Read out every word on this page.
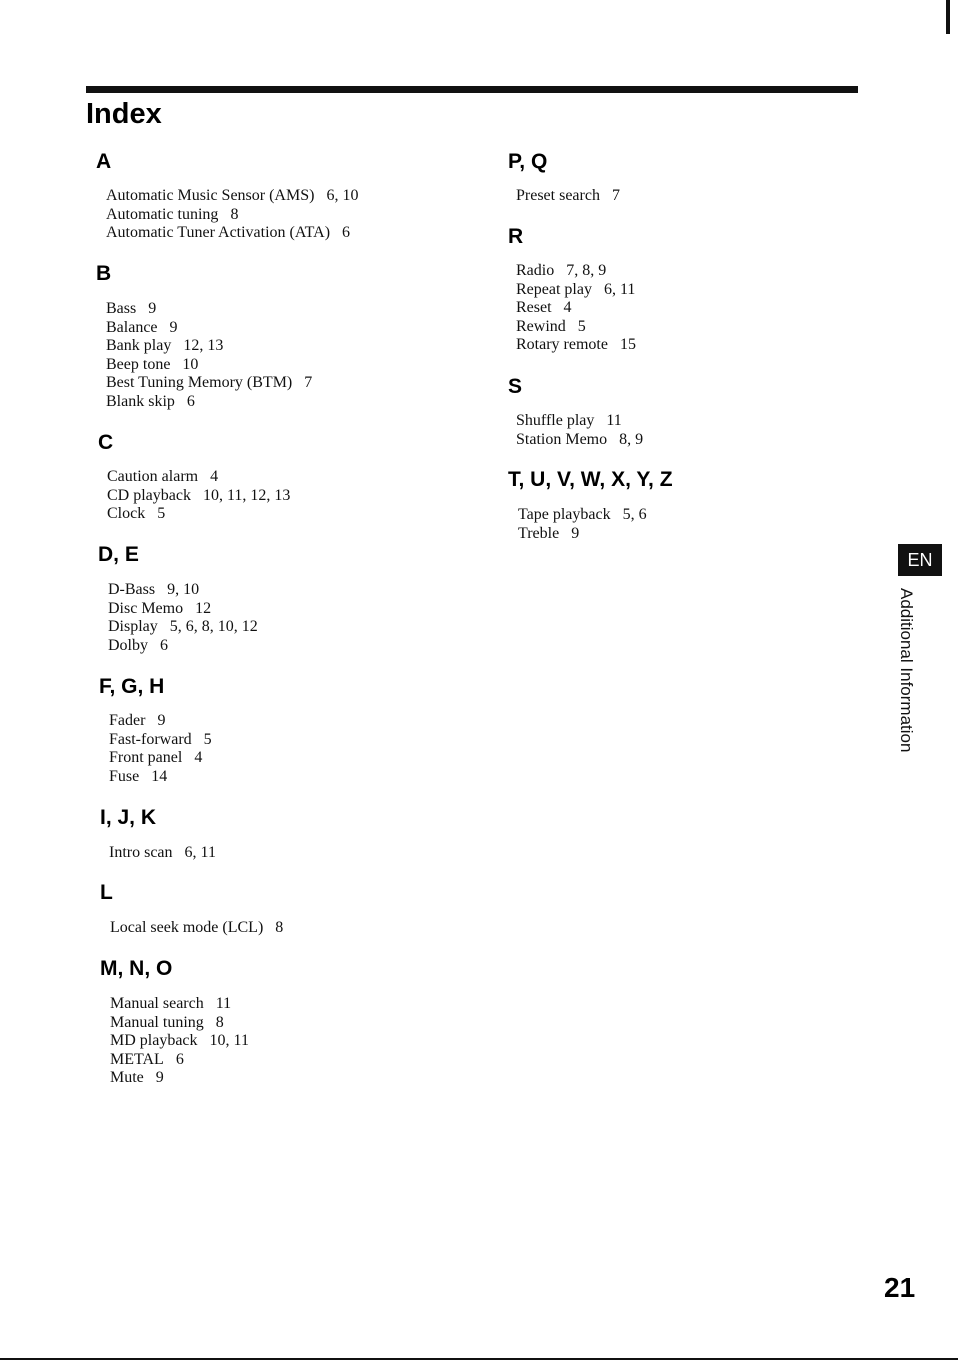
Index
A
Automatic Music Sensor (AMS) 6, 10
Automatic tuning 8
Automatic Tuner Activation (ATA) 6
B
Bass 9
Balance 9
Bank play 12, 13
Beep tone 10
Best Tuning Memory (BTM) 7
Blank skip 6
C
Caution alarm 4
CD playback 10, 11, 12, 13
Clock 5
D, E
D-Bass 9, 10
Disc Memo 12
Display 5, 6, 8, 10, 12
Dolby 6
F, G, H
Fader 9
Fast-forward 5
Front panel 4
Fuse 14
I, J, K
Intro scan 6, 11
L
Local seek mode (LCL) 8
M, N, O
Manual search 11
Manual tuning 8
MD playback 10, 11
METAL 6
Mute 9
P, Q
Preset search 7
R
Radio 7, 8, 9
Repeat play 6, 11
Reset 4
Rewind 5
Rotary remote 15
S
Shuffle play 11
Station Memo 8, 9
T, U, V, W, X, Y, Z
Tape playback 5, 6
Treble 9
EN
Additional Information
21
